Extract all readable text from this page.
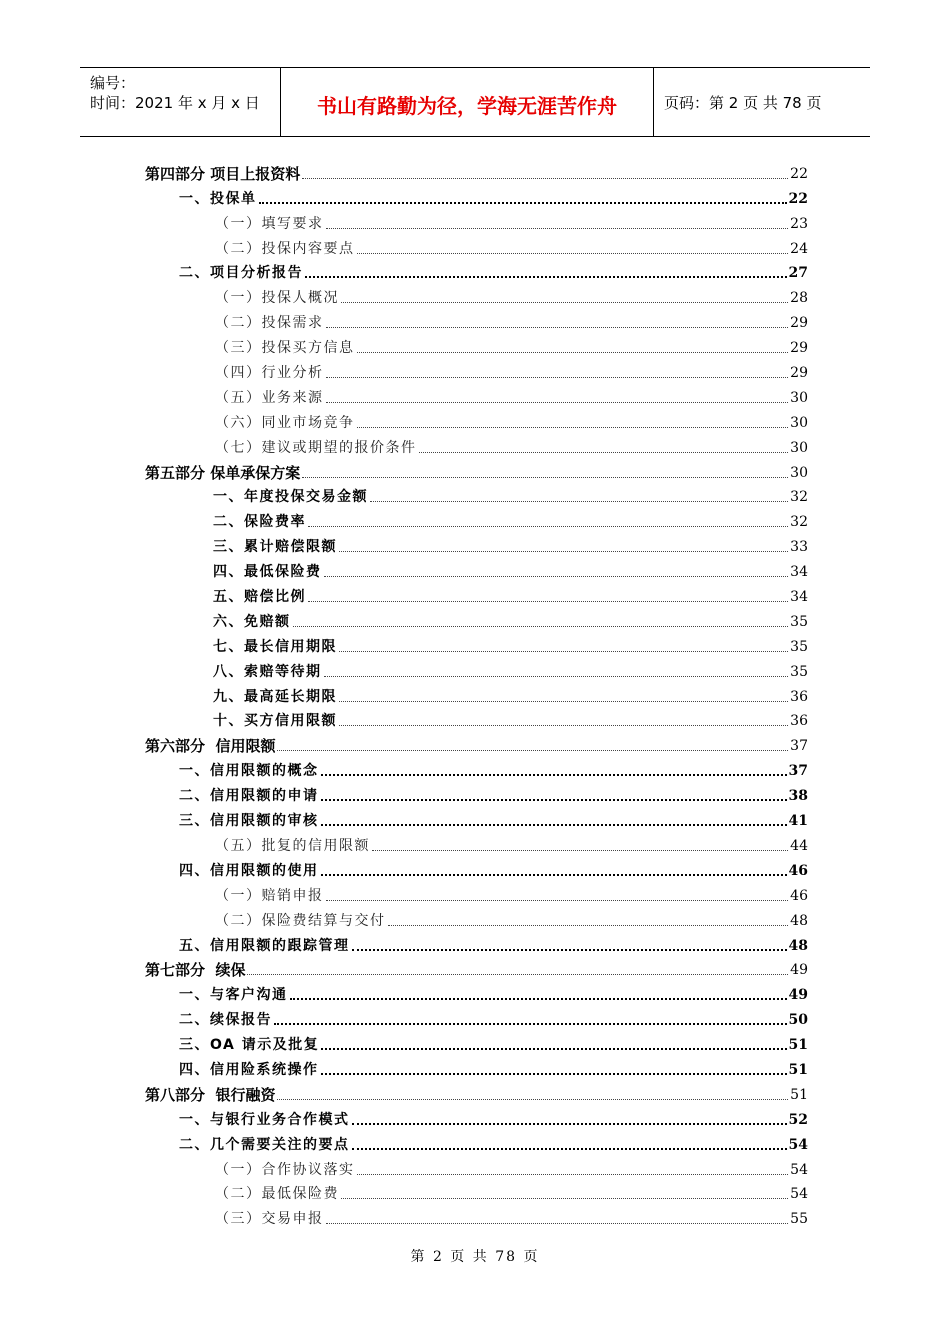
编号：
时间：2021 年 x 月 x 日	书山有路勤为径，学海无涯苦作舟	页码：第 2 页 共 78 页
第四部分 项目上报资料	22
一、投保单	22
（一）填写要求	23
（二）投保内容要点	24
二、项目分析报告	27
（一）投保人概况	28
（二）投保需求	29
（三）投保买方信息	29
（四）行业分析	29
（五）业务来源	30
（六）同业市场竞争	30
（七）建议或期望的报价条件	30
第五部分 保单承保方案	30
一、年度投保交易金额	32
二、保险费率	32
三、累计赔偿限额	33
四、最低保险费	34
五、赔偿比例	34
六、免赔额	35
七、最长信用期限	35
八、索赔等待期	35
九、最高延长期限	36
十、买方信用限额	36
第六部分  信用限额	37
一、信用限额的概念	37
二、信用限额的申请	38
三、信用限额的审核	41
（五）批复的信用限额	44
四、信用限额的使用	46
（一）赔销申报	46
（二）保险费结算与交付	48
五、信用限额的跟踪管理	48
第七部分  续保	49
一、与客户沟通	49
二、续保报告	50
三、OA 请示及批复	51
四、信用险系统操作	51
第八部分  银行融资	51
一、与银行业务合作模式	52
二、几个需要关注的要点	54
（一）合作协议落实	54
（二）最低保险费	54
（三）交易申报	55
第 2 页 共 78 页
